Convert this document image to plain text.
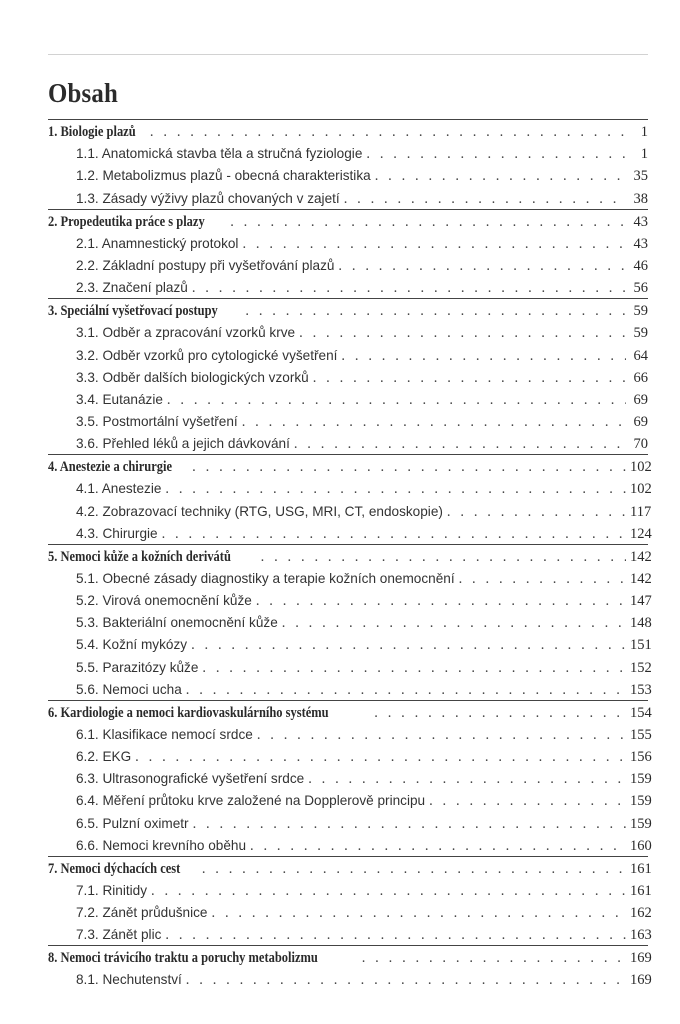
Obsah
1. Biologie plazů . . .	1
1.1. Anatomická stavba těla a stručná fyziologie . . .	1
1.2. Metabolizmus plazů - obecná charakteristika . . .	35
1.3. Zásady výživy plazů chovaných v zajetí . . .	38
2. Propedeutika práce s plazy . . .	43
2.1. Anamnestický protokol . . .	43
2.2. Základní postupy při vyšetřování plazů . . .	46
2.3. Značení plazů . . .	56
3. Speciální vyšetřovací postupy . . .	59
3.1. Odběr a zpracování vzorků krve . . .	59
3.2. Odběr vzorků pro cytologické vyšetření . . .	64
3.3. Odběr dalších biologických vzorků . . .	66
3.4. Eutanázie . . .	69
3.5. Postmortální vyšetření . . .	69
3.6. Přehled léků a jejich dávkování . . .	70
4. Anestezie a chirurgie . . .	102
4.1. Anestezie . . .	102
4.2. Zobrazovací techniky (RTG, USG, MRI, CT, endoskopie) . . .	117
4.3. Chirurgie . . .	124
5. Nemoci kůže a kožních derivátů . . .	142
5.1. Obecné zásady diagnostiky a terapie kožních onemocnění . . .	142
5.2. Virová onemocnění kůže . . .	147
5.3. Bakteriální onemocnění kůže . . .	148
5.4. Kožní mykózy . . .	151
5.5. Parazitózy kůže . . .	152
5.6. Nemoci ucha . . .	153
6. Kardiologie a nemoci kardiovaskulárního systému . . .	154
6.1. Klasifikace nemocí srdce . . .	155
6.2. EKG . . .	156
6.3. Ultrasonografické vyšetření srdce . . .	159
6.4. Měření průtoku krve založené na Dopplerově principu . . .	159
6.5. Pulzní oximetr . . .	159
6.6. Nemoci krevního oběhu . . .	160
7. Nemoci dýchacích cest . . .	161
7.1. Rinitidy . . .	161
7.2. Zánět průdušnice . . .	162
7.3. Zánět plic . . .	163
8. Nemoci trávicího traktu a poruchy metabolizmu . . .	169
8.1. Nechutenství . . .	169
